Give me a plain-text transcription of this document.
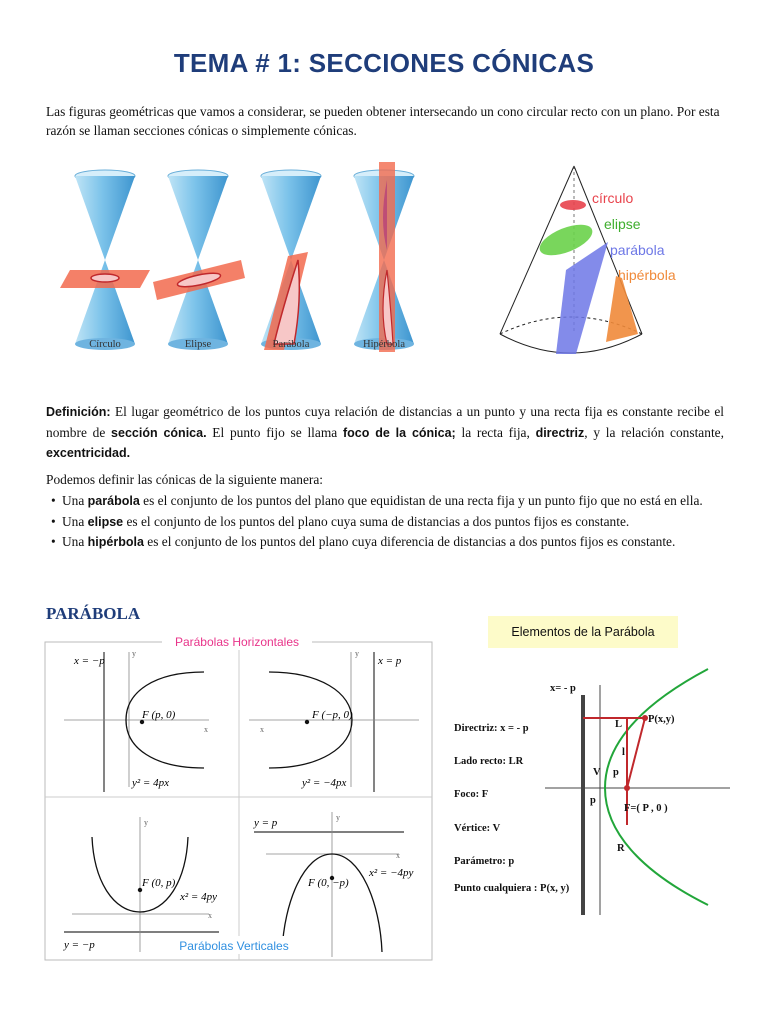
TEMA # 1: SECCIONES CÓNICAS
Las figuras geométricas que vamos a considerar, se pueden obtener intersecando un cono circular recto con un plano. Por esta razón se llaman secciones cónicas o simplemente cónicas.
Círculo	Elipse	Parábola	Hipérbola
círculo
elipse
parábola
hipérbola
Definición: El lugar geométrico de los puntos cuya relación de distancias a un punto y una recta fija es constante recibe el nombre de sección cónica. El punto fijo se llama foco de la cónica; la recta fija, directriz, y la relación constante, excentricidad.
Podemos definir las cónicas de la siguiente manera:
• Una parábola es el conjunto de los puntos del plano que equidistan de una recta fija y un punto fijo que no está en ella.
• Una elipse es el conjunto de los puntos del plano cuya suma de distancias a dos puntos fijos es constante.
• Una hipérbola es el conjunto de los puntos del plano cuya diferencia de distancias a dos puntos fijos es constante.
PARÁBOLA
Parábolas Horizontales
x = −p
F (p, 0)
y² = 4px
x
y
x = p
F (−p, 0)
y² = −4px
x
y
F (0, p)
x² = 4py
y = −p
x
y	y = p
F (0, −p)
x² = −4py
x
y
Parábolas Verticales
Elementos de la Parábola
Directriz: x = - p
Lado recto: LR
Foco: F
Vértice: V
Parámetro: p
Punto cualquiera : P(x, y)
x= - p
P(x,y)
L
l
V p
p
F=( P , 0 )
R
